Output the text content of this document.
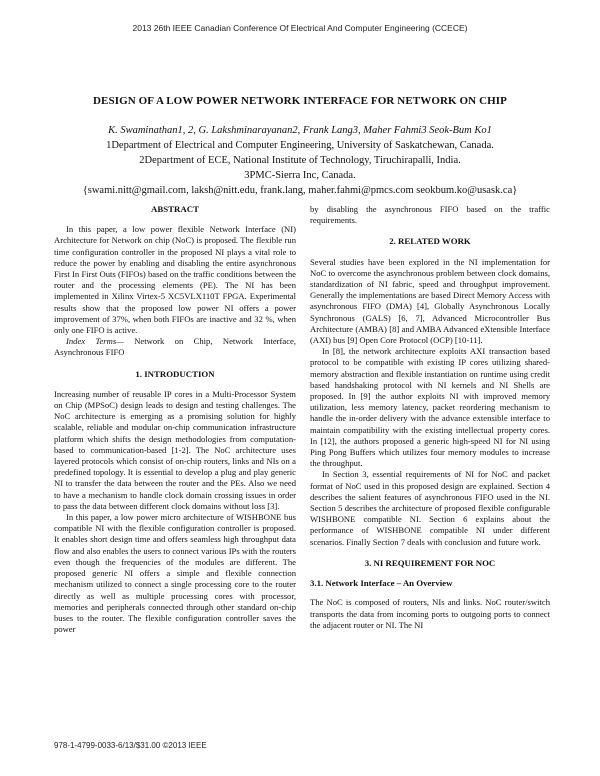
2013 26th IEEE Canadian Conference Of Electrical And Computer Engineering (CCECE)
DESIGN OF A LOW POWER NETWORK INTERFACE FOR NETWORK ON CHIP
K. Swaminathan1, 2, G. Lakshminarayanan2, Frank Lang3, Maher Fahmi3 Seok-Bum Ko1
1Department of Electrical and Computer Engineering, University of Saskatchewan, Canada.
2Department of ECE, National Institute of Technology, Tiruchirapalli, India.
3PMC-Sierra Inc, Canada.
{swami.nitt@gmail.com, laksh@nitt.edu, frank.lang, maher.fahmi@pmcs.com seokbum.ko@usask.ca}
ABSTRACT

In this paper, a low power flexible Network Interface (NI) Architecture for Network on chip (NoC) is proposed. The flexible run time configuration controller in the proposed NI plays a vital role to reduce the power by enabling and disabling the entire asynchronous First In First Outs (FIFOs) based on the traffic conditions between the router and the processing elements (PE). The NI has been implemented in Xilinx Virtex-5 XC5VLX110T FPGA. Experimental results show that the proposed low power NI offers a power improvement of 37%, when both FIFOs are inactive and 32 %, when only one FIFO is active.

Index Terms— Network on Chip, Network Interface, Asynchronous FIFO

1. INTRODUCTION

Increasing number of reusable IP cores in a Multi-Processor System on Chip (MPSoC) design leads to design and testing challenges. The NoC architecture is emerging as a promising solution for highly scalable, reliable and modular on-chip communication infrastructure platform which shifts the design methodologies from computation-based to communication-based [1-2]. The NoC architecture uses layered protocols which consist of on-chip routers, links and NIs on a predefined topology. It is essential to develop a plug and play generic NI to transfer the data between the router and the PEs. Also we need to have a mechanism to handle clock domain crossing issues in order to pass the data between different clock domains without loss [3].

In this paper, a low power micro architecture of WISHBONE bus compatible NI with the flexible configuration controller is proposed. It enables short design time and offers seamless high throughput data flow and also enables the users to connect various IPs with the routers even though the frequencies of the modules are different. The proposed generic NI offers a simple and flexible connection mechanism utilized to connect a single processing core to the router directly as well as multiple processing cores with processor, memories and peripherals connected through other standard on-chip buses to the router. The flexible configuration controller saves the power

by disabling the asynchronous FIFO based on the traffic requirements.

2. RELATED WORK

Several studies have been explored in the NI implementation for NoC to overcome the asynchronous problem between clock domains, standardization of NI fabric, speed and throughput improvement. Generally the implementations are based Direct Memory Access with asynchronous FIFO (DMA) [4], Globally Asynchronous Locally Synchronous (GALS) [6, 7], Advanced Microcontroller Bus Architecture (AMBA) [8] and AMBA Advanced eXtensible Interface (AXI) bus [9] Open Core Protocol (OCP) [10-11].

In [8], the network architecture exploits AXI transaction based protocol to be compatible with existing IP cores utilizing shared-memory abstraction and flexible instantiation on runtime using credit based handshaking protocol with NI kernels and NI Shells are proposed. In [9] the author exploits NI with improved memory utilization, less memory latency, packet reordering mechanism to handle the in-order delivery with the advance extensible interface to maintain compatibility with the existing intellectual property cores. In [12], the authors proposed a generic high-speed NI for NI using Ping Pong Buffers which utilizes four memory modules to increase the throughput.

In Section 3, essential requirements of NI for NoC and packet format of NoC used in this proposed design are explained. Section 4 describes the salient features of asynchronous FIFO used in the NI. Section 5 describes the architecture of proposed flexible configurable WISHBONE compatible NI. Section 6 explains about the performance of WISHBONE compatible NI under different scenarios. Finally Section 7 deals with conclusion and future work.

3. NI REQUIREMENT FOR NOC
3.1. Network Interface – An Overview

The NoC is composed of routers, NIs and links. NoC router/switch transports the data from incoming ports to outgoing ports to connect the adjacent router or NI. The NI

978-1-4799-0033-6/13/$31.00 ©2013 IEEE
